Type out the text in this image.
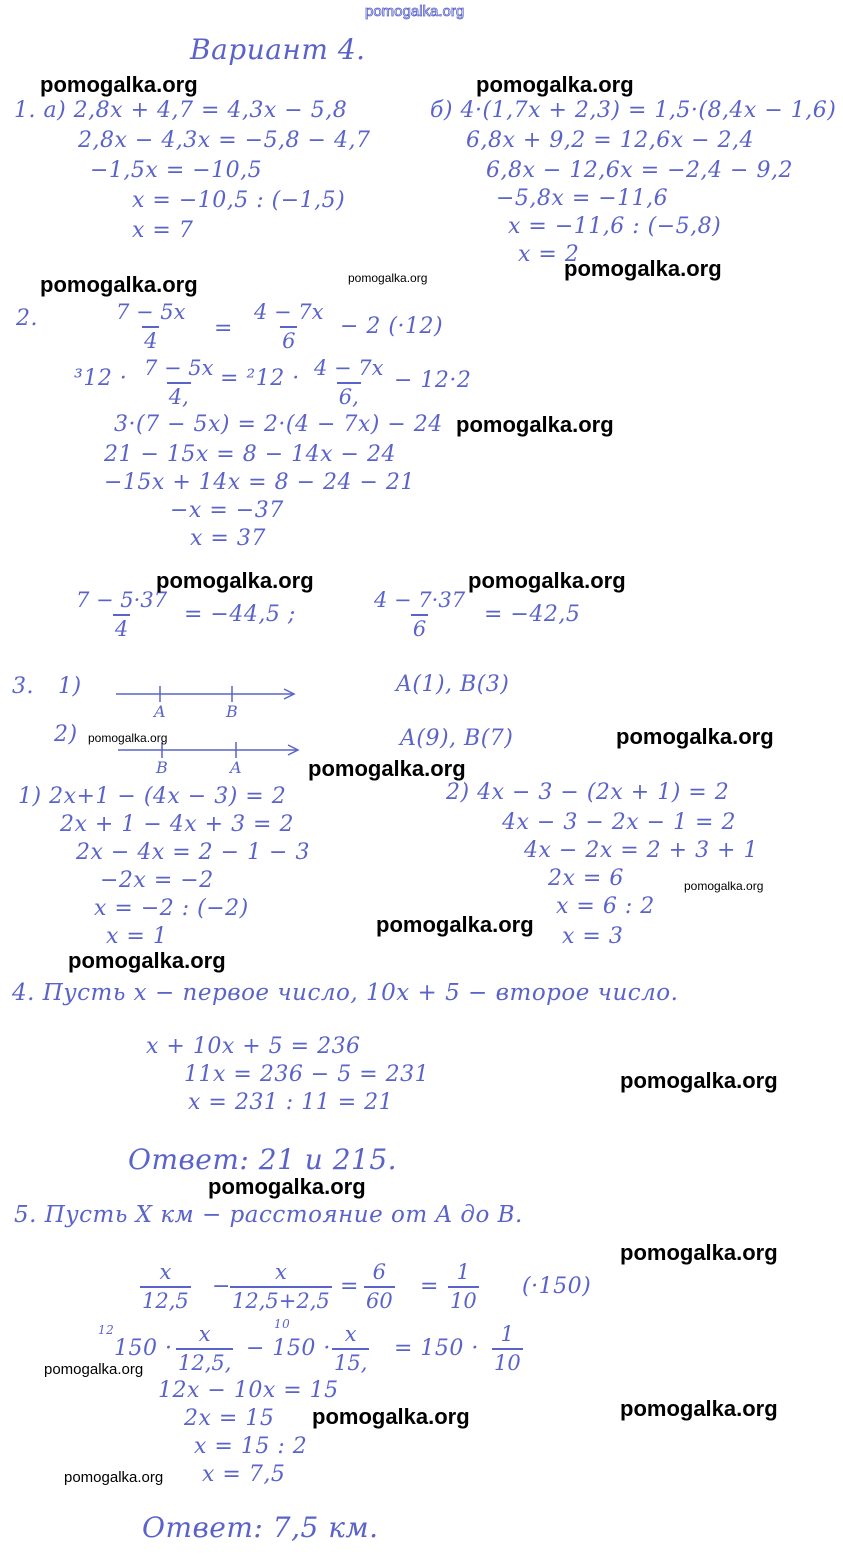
pomogalka.org
Вариант 4.
1. а) 2,8x + 4,7 = 4,3x − 5,8
2,8x − 4,3x = −5,8 − 4,7
−1,5x = −10,5
x = −10,5 : (−1,5)
x = 7
б) 4·(1,7x + 2,3) = 1,5·(8,4x − 1,6)
6,8x + 9,2 = 12,6x − 2,4
6,8x − 12,6x = −2,4 − 9,2
−5,8x = −11,6
x = −11,6 : (−5,8)
x = 2
2.	$\frac{7 - 5x}{4} = \frac{4 - 7x}{6} - 2$ (·12)
$^312 \cdot \frac{7 - 5x}{4,} = ^212 \cdot \frac{4 - 7x}{6,} - 12\cdot 2$
3·(7 − 5x) = 2·(4 − 7x) − 24
21 − 15x = 8 − 14x − 24
−15x + 14x = 8 − 24 − 21
−x = −37
x = 37
$\frac{7 - 5\cdot 37}{4} = -44,5$ ;	$\frac{4 - 7\cdot 37}{6} = -42,5$
3. 1)
A	B
A(1), B(3)
2)
B	A
A(9), B(7)
1) 2x+1 − (4x − 3) = 2
2x + 1 − 4x + 3 = 2
2x − 4x = 2 − 1 − 3
−2x = −2
x = −2 : (−2)
x = 1
2) 4x − 3 − (2x + 1) = 2
4x − 3 − 2x − 1 = 2
4x − 2x = 2 + 3 + 1
2x = 6
x = 6 : 2
x = 3
4. Пусть x − первое число, 10x + 5 − второе число.
x + 10x + 5 = 236
11x = 236 − 5 = 231
x = 231 : 11 = 21
Ответ: 21 и 215.
5. Пусть X км − расстояние от A до B.
$\frac{x}{12,5} - \frac{x}{12,5+2,5} = \frac{6}{60} = \frac{1}{10} (\cdot 150)$
12	10
$150 \cdot \frac{x}{12,5,} - 150 \cdot \frac{x}{15,} = 150 \cdot \frac{1}{10}$
12x − 10x = 15
2x = 15
x = 15 : 2
x = 7,5
Ответ: 7,5 км.
pomogalka.org	pomogalka.org
pomogalka.org	pomogalka.org	pomogalka.org
pomogalka.org
pomogalka.org	pomogalka.org
pomogalka.org	pomogalka.org
pomogalka.org
pomogalka.org
pomogalka.org
pomogalka.org
pomogalka.org
pomogalka.org
pomogalka.org
pomogalka.org
pomogalka.org
pomogalka.org
pomogalka.org
